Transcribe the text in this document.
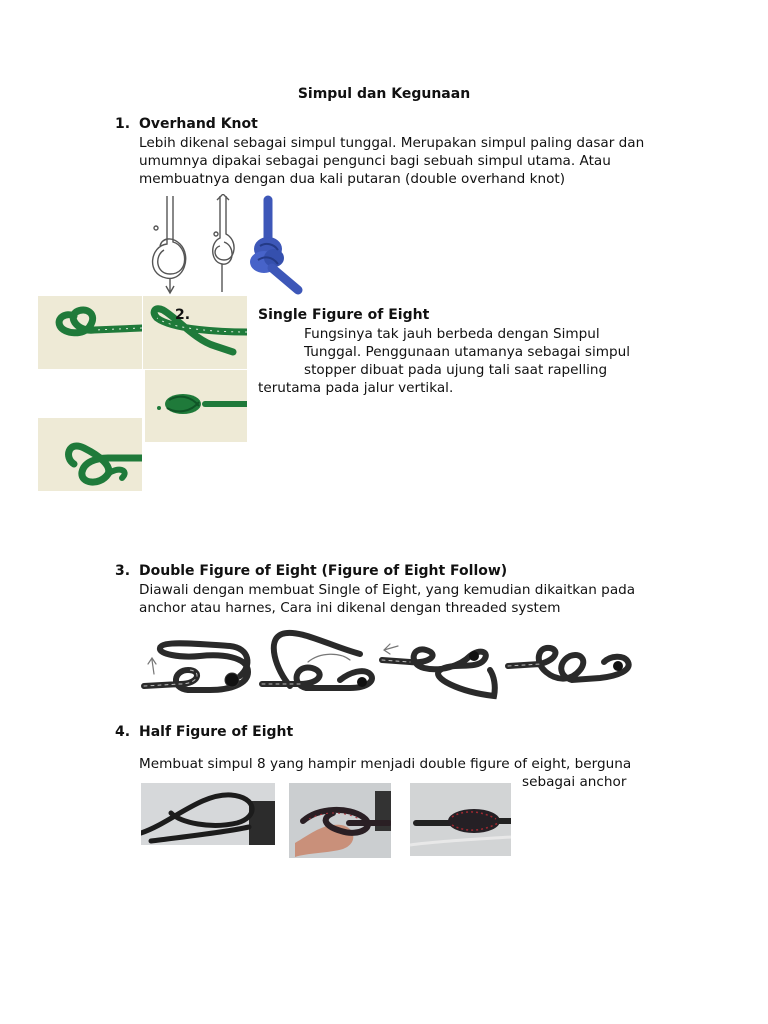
Simpul dan Kegunaan
1. Overhand Knot
Lebih dikenal sebagai simpul tunggal. Merupakan simpul paling dasar dan
umumnya dipakai sebagai pengunci bagi sebuah simpul utama. Atau
membuatnya dengan dua kali putaran (double overhand knot)
2.	Single Figure of Eight
Fungsinya tak jauh berbeda dengan Simpul
Tunggal. Penggunaan utamanya sebagai simpul
stopper dibuat pada ujung tali saat rapelling
terutama pada jalur vertikal.
3. Double Figure of Eight (Figure of Eight Follow)
Diawali dengan membuat Single of Eight, yang kemudian dikaitkan pada
anchor atau harnes, Cara ini dikenal dengan threaded system
4. Half Figure of Eight
Membuat simpul 8 yang hampir menjadi double figure of eight, berguna
sebagai anchor
